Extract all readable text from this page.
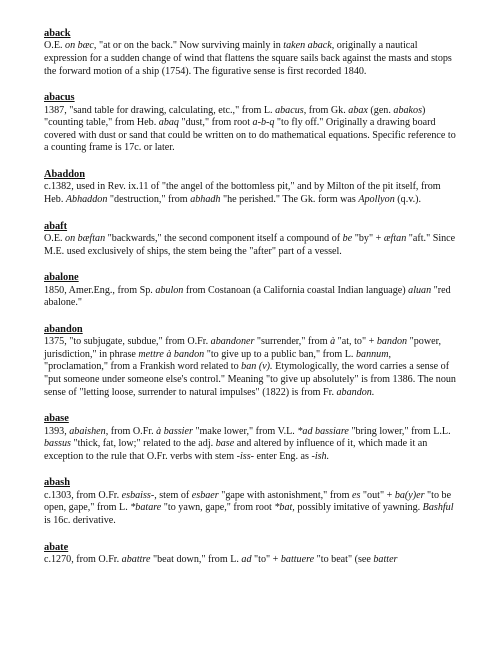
aback

O.E. on bæc, "at or on the back." Now surviving mainly in taken aback, originally a nautical expression for a sudden change of wind that flattens the square sails back against the masts and stops the forward motion of a ship (1754). The figurative sense is first recorded 1840.

abacus

1387, "sand table for drawing, calculating, etc.," from L. abacus, from Gk. abax (gen. abakos) "counting table," from Heb. abaq "dust," from root a-b-q "to fly off." Originally a drawing board covered with dust or sand that could be written on to do mathematical equations. Specific reference to a counting frame is 17c. or later.

Abaddon

c.1382, used in Rev. ix.11 of "the angel of the bottomless pit," and by Milton of the pit itself, from Heb. Abhaddon "destruction," from abhadh "he perished." The Gk. form was Apollyon (q.v.).

abaft

O.E. on bæftan "backwards," the second component itself a compound of be "by" + æftan "aft." Since M.E. used exclusively of ships, the stem being the "after" part of a vessel.

abalone

1850, Amer.Eng., from Sp. abulon from Costanoan (a California coastal Indian language) aluan "red abalone."

abandon

1375, "to subjugate, subdue," from O.Fr. abandoner "surrender," from à "at, to" + bandon "power, jurisdiction," in phrase mettre à bandon "to give up to a public ban," from L. bannum, "proclamation," from a Frankish word related to ban (v). Etymologically, the word carries a sense of "put someone under someone else's control." Meaning "to give up absolutely" is from 1386. The noun sense of "letting loose, surrender to natural impulses" (1822) is from Fr. abandon.

abase

1393, abaishen, from O.Fr. à bassier "make lower," from V.L. *ad bassiare "bring lower," from L.L. bassus "thick, fat, low;" related to the adj. base and altered by influence of it, which made it an exception to the rule that O.Fr. verbs with stem -iss- enter Eng. as -ish.

abash

c.1303, from O.Fr. esbaiss-, stem of esbaer "gape with astonishment," from es "out" + ba(y)er "to be open, gape," from L. *batare "to yawn, gape," from root *bat, possibly imitative of yawning. Bashful is 16c. derivative.

abate

c.1270, from O.Fr. abattre "beat down," from L. ad "to" + battuere "to beat" (see batter
